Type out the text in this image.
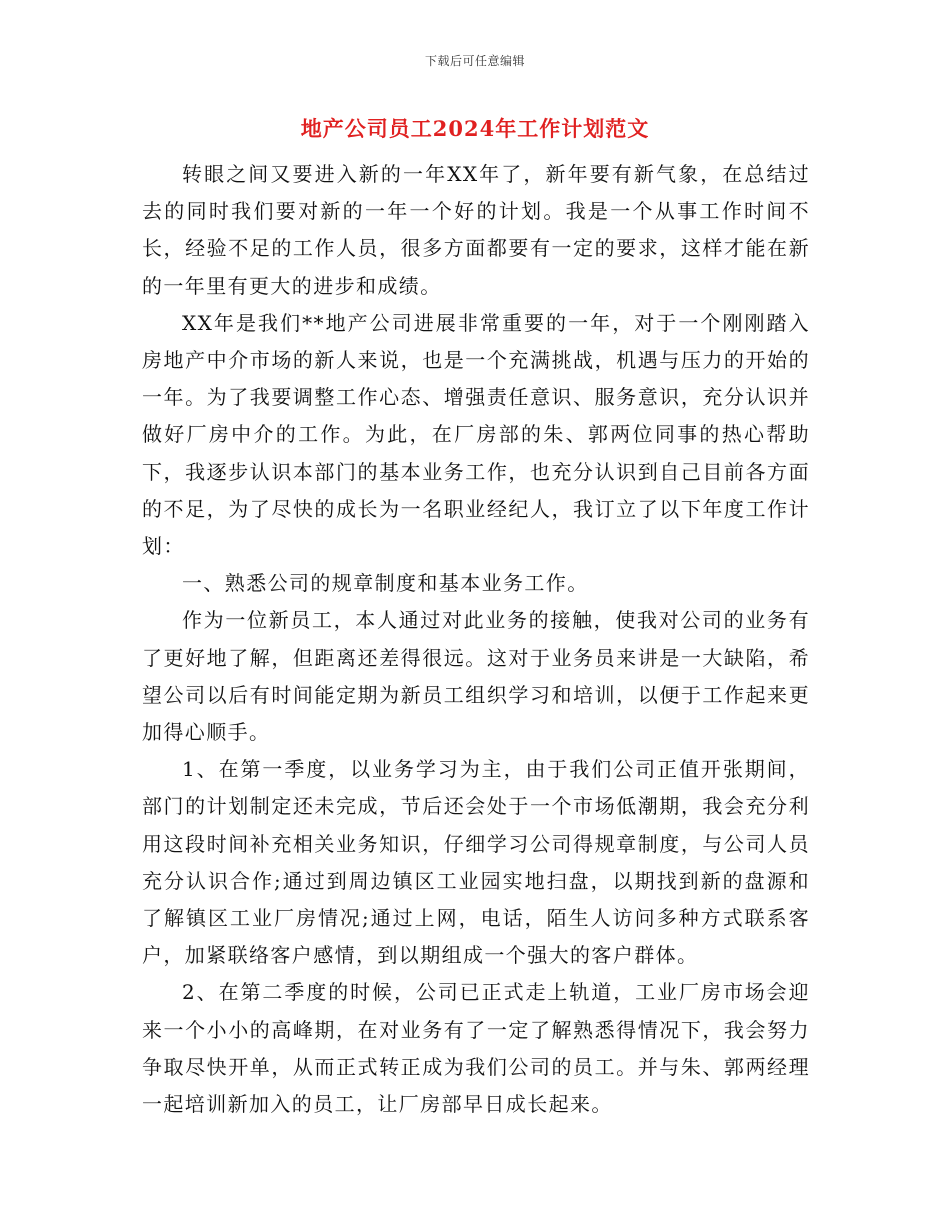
下载后可任意编辑
地产公司员工2024年工作计划范文

转眼之间又要进入新的一年XX年了，新年要有新气象，在总结过去的同时我们要对新的一年一个好的计划。我是一个从事工作时间不长，经验不足的工作人员，很多方面都要有一定的要求，这样才能在新的一年里有更大的进步和成绩。

XX年是我们**地产公司进展非常重要的一年，对于一个刚刚踏入房地产中介市场的新人来说，也是一个充满挑战，机遇与压力的开始的一年。为了我要调整工作心态、增强责任意识、服务意识，充分认识并做好厂房中介的工作。为此，在厂房部的朱、郭两位同事的热心帮助下，我逐步认识本部门的基本业务工作，也充分认识到自己目前各方面的不足，为了尽快的成长为一名职业经纪人，我订立了以下年度工作计划：

一、熟悉公司的规章制度和基本业务工作。

作为一位新员工，本人通过对此业务的接触，使我对公司的业务有了更好地了解，但距离还差得很远。这对于业务员来讲是一大缺陷，希望公司以后有时间能定期为新员工组织学习和培训，以便于工作起来更加得心顺手。

1、在第一季度，以业务学习为主，由于我们公司正值开张期间，部门的计划制定还未完成，节后还会处于一个市场低潮期，我会充分利用这段时间补充相关业务知识，仔细学习公司得规章制度，与公司人员充分认识合作;通过到周边镇区工业园实地扫盘，以期找到新的盘源和了解镇区工业厂房情况;通过上网，电话，陌生人访问多种方式联系客户，加紧联络客户感情，到以期组成一个强大的客户群体。

2、在第二季度的时候，公司已正式走上轨道，工业厂房市场会迎来一个小小的高峰期，在对业务有了一定了解熟悉得情况下，我会努力争取尽快开单，从而正式转正成为我们公司的员工。并与朱、郭两经理一起培训新加入的员工，让厂房部早日成长起来。
